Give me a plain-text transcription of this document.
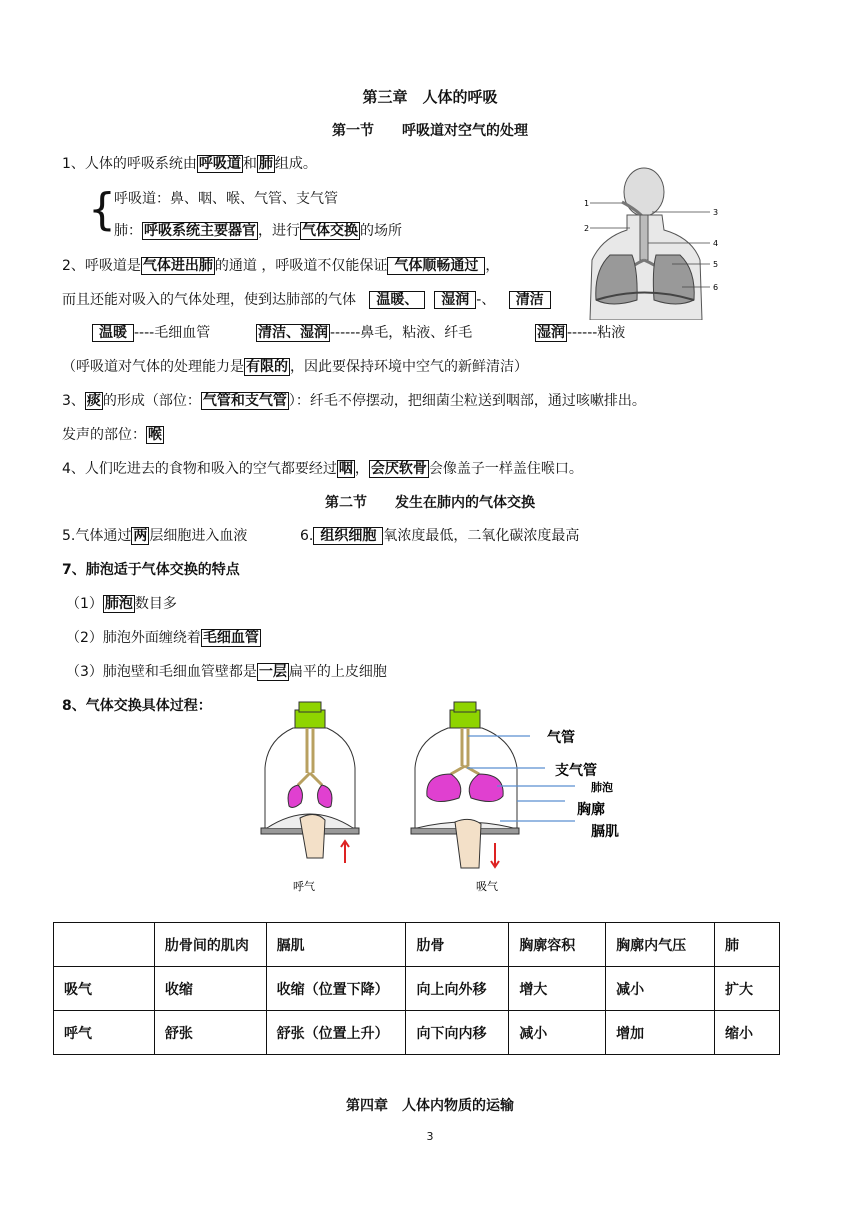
第三章　人体的呼吸
第一节　　呼吸道对空气的处理
1、人体的呼吸系统由 呼吸道 和 肺 组成。
{
呼吸道：鼻、咽、喉、气管、支气管
肺： 呼吸系统主要器官 ，进行 气体交换 的场所
1
2
3
4
5
6
2、呼吸道是 气体进出肺 的通道 ，呼吸道不仅能保证 气体顺畅通过 ，
而且还能对吸入的气体处理，使到达肺部的气体 温暖、 湿润 -、 清洁
温暖 ----毛细血管	清洁、湿润 ------鼻毛，粘液、纤毛	湿润 ------粘液
（呼吸道对气体的处理能力是 有限的 ，因此要保持环境中空气的新鲜清洁）
3、 痰 的形成（部位： 气管和支气管 ）：纤毛不停摆动，把细菌尘粒送到咽部，通过咳嗽排出。
发声的部位： 喉
4、人们吃进去的食物和吸入的空气都要经过 咽 ， 会厌软骨 会像盖子一样盖住喉口。
第二节　　发生在肺内的气体交换
5.气体通过 两 层细胞进入血液	6. 组织细胞 氧浓度最低，二氧化碳浓度最高
7、肺泡适于气体交换的特点
（1） 肺泡 数目多
（2）肺泡外面缠绕着 毛细血管
（3）肺泡壁和毛细血管壁都是 一层 扁平的上皮细胞
8、气体交换具体过程：
呼气	吸气
气管
支气管
肺泡
胸廓
膈肌
	肋骨间的肌肉	膈肌	肋骨	胸廓容积	胸廓内气压	肺
吸气	收缩	收缩（位置下降）	向上向外移	增大	减小	扩大
呼气	舒张	舒张（位置上升）	向下向内移	减小	增加	缩小
第四章　人体内物质的运输
3
